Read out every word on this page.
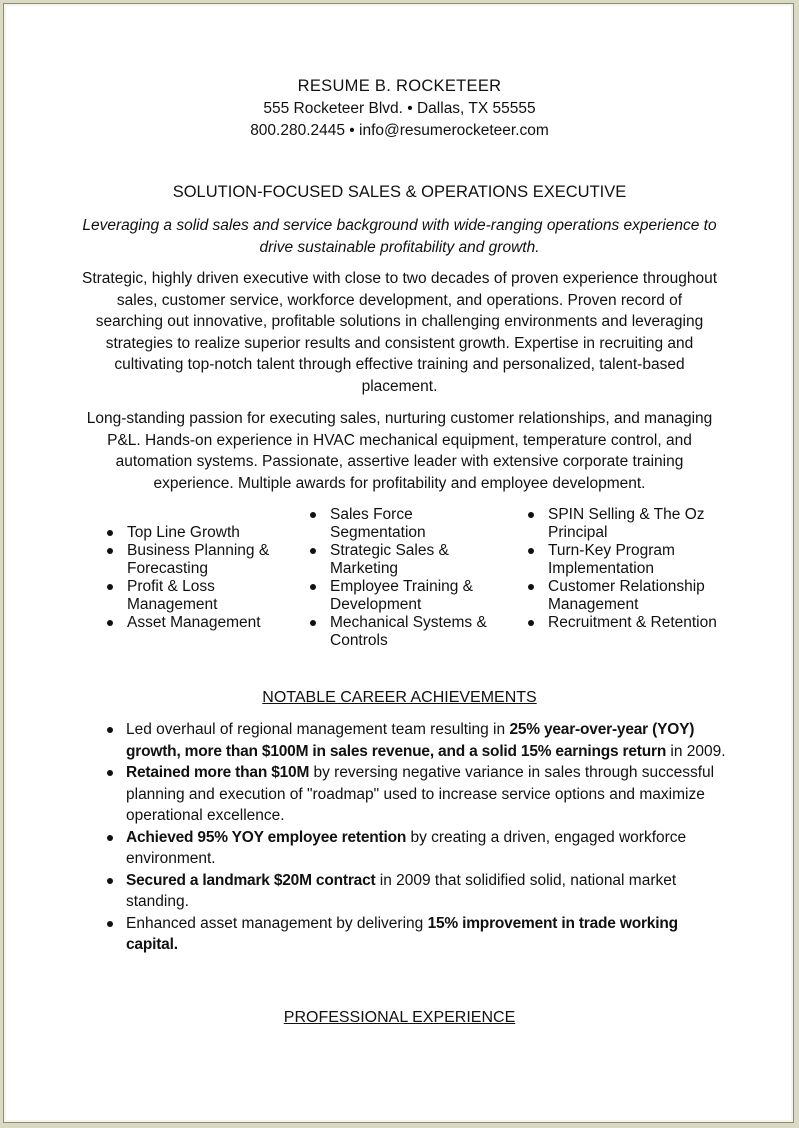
RESUME B. ROCKETEER
555 Rocketeer Blvd. • Dallas, TX 55555
800.280.2445 • info@resumerocketeer.com
SOLUTION-FOCUSED SALES & OPERATIONS EXECUTIVE
Leveraging a solid sales and service background with wide-ranging operations experience to drive sustainable profitability and growth.
Strategic, highly driven executive with close to two decades of proven experience throughout sales, customer service, workforce development, and operations. Proven record of searching out innovative, profitable solutions in challenging environments and leveraging strategies to realize superior results and consistent growth. Expertise in recruiting and cultivating top-notch talent through effective training and personalized, talent-based placement.
Long-standing passion for executing sales, nurturing customer relationships, and managing P&L. Hands-on experience in HVAC mechanical equipment, temperature control, and automation systems. Passionate, assertive leader with extensive corporate training experience. Multiple awards for profitability and employee development.
Top Line Growth
Business Planning & Forecasting
Profit & Loss Management
Asset Management
Sales Force Segmentation
Strategic Sales & Marketing
Employee Training & Development
Mechanical Systems & Controls
SPIN Selling & The Oz Principal
Turn-Key Program Implementation
Customer Relationship Management
Recruitment & Retention
NOTABLE CAREER ACHIEVEMENTS
Led overhaul of regional management team resulting in 25% year-over-year (YOY) growth, more than $100M in sales revenue, and a solid 15% earnings return in 2009.
Retained more than $10M by reversing negative variance in sales through successful planning and execution of "roadmap" used to increase service options and maximize operational excellence.
Achieved 95% YOY employee retention by creating a driven, engaged workforce environment.
Secured a landmark $20M contract in 2009 that solidified solid, national market standing.
Enhanced asset management by delivering 15% improvement in trade working capital.
PROFESSIONAL EXPERIENCE
